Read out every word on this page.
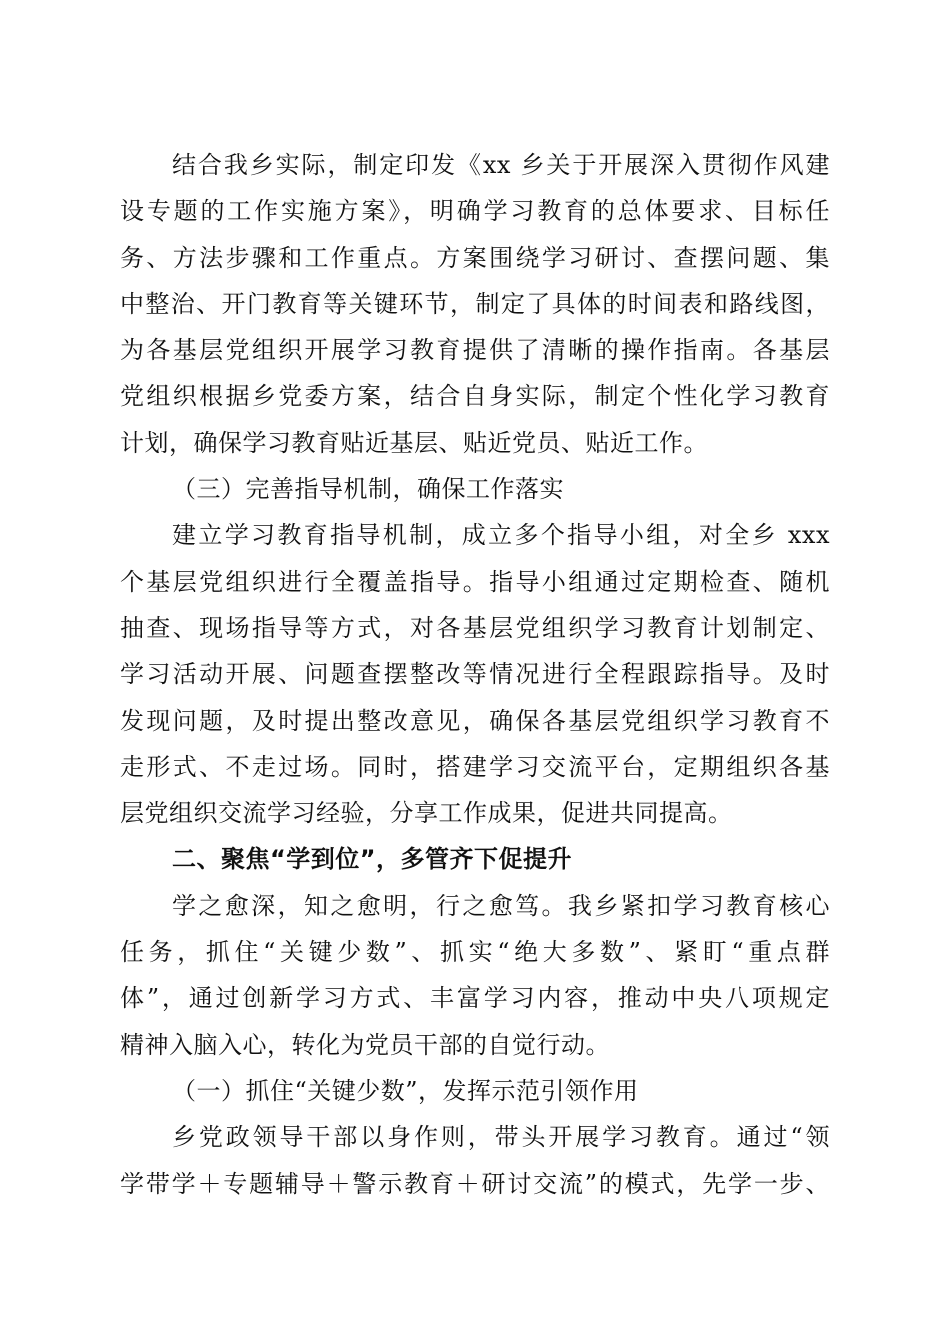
结合我乡实际，制定印发《xx 乡关于开展深入贯彻作风建
设专题的工作实施方案》，明确学习教育的总体要求、目标任
务、方法步骤和工作重点。方案围绕学习研讨、查摆问题、集
中整治、开门教育等关键环节，制定了具体的时间表和路线图，
为各基层党组织开展学习教育提供了清晰的操作指南。各基层
党组织根据乡党委方案，结合自身实际，制定个性化学习教育
计划，确保学习教育贴近基层、贴近党员、贴近工作。
（三）完善指导机制，确保工作落实
建立学习教育指导机制，成立多个指导小组，对全乡 xxx
个基层党组织进行全覆盖指导。指导小组通过定期检查、随机
抽查、现场指导等方式，对各基层党组织学习教育计划制定、
学习活动开展、问题查摆整改等情况进行全程跟踪指导。及时
发现问题，及时提出整改意见，确保各基层党组织学习教育不
走形式、不走过场。同时，搭建学习交流平台，定期组织各基
层党组织交流学习经验，分享工作成果，促进共同提高。
二、聚焦“学到位”，多管齐下促提升
学之愈深，知之愈明，行之愈笃。我乡紧扣学习教育核心
任务，抓住“关键少数”、抓实“绝大多数”、紧盯“重点群
体”，通过创新学习方式、丰富学习内容，推动中央八项规定
精神入脑入心，转化为党员干部的自觉行动。
（一）抓住“关键少数”，发挥示范引领作用
乡党政领导干部以身作则，带头开展学习教育。通过“领
学带学＋专题辅导＋警示教育＋研讨交流”的模式，先学一步、
